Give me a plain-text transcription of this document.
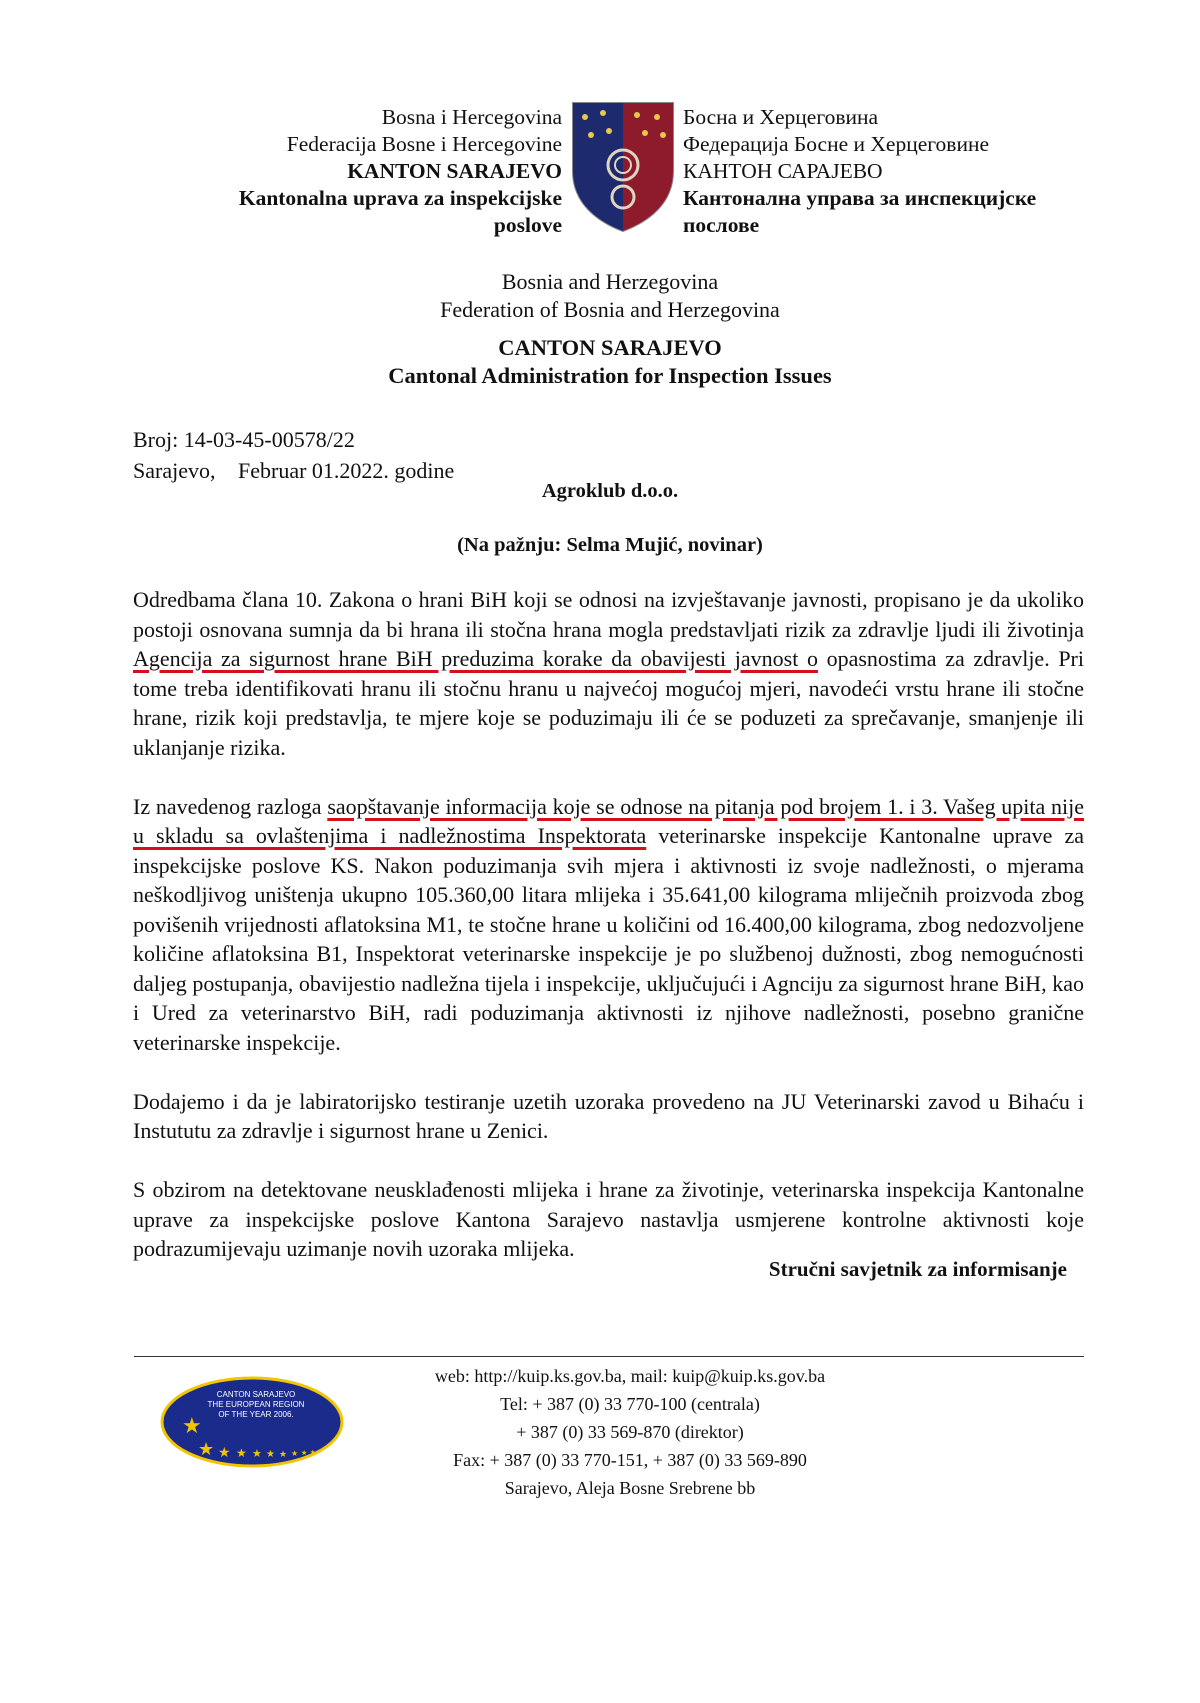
Bosna i Hercegovina
Federacija Bosne i Hercegovine
KANTON SARAJEVO
Kantonalna uprava za inspekcijske
poslove
Босна и Херцеговина
Федерација Босне и Херцеговине
КАНТОН САРАЈЕВО
Кантонална управа за инспекцијске
послове
Bosnia and Herzegovina
Federation of Bosnia and Herzegovina
CANTON SARAJEVO
Cantonal Administration for Inspection Issues
Broj: 14-03-45-00578/22
Sarajevo, Februar 01.2022. godine
Agroklub d.o.o.
(Na pažnju: Selma Mujić, novinar)

Odredbama člana 10. Zakona o hrani BiH koji se odnosi na izvještavanje javnosti, propisano je da ukoliko postoji osnovana sumnja da bi hrana ili stočna hrana mogla predstavljati rizik za zdravlje ljudi ili životinja Agencija za sigurnost hrane BiH preduzima korake da obavijesti javnost o opasnostima za zdravlje. Pri tome treba identifikovati hranu ili stočnu hranu u najvećoj mogućoj mjeri, navodeći vrstu hrane ili stočne hrane, rizik koji predstavlja, te mjere koje se poduzimaju ili će se poduzeti za sprečavanje, smanjenje ili uklanjanje rizika.

Iz navedenog razloga saopštavanje informacija koje se odnose na pitanja pod brojem 1. i 3. Vašeg upita nije u skladu sa ovlaštenjima i nadležnostima Inspektorata veterinarske inspekcije Kantonalne uprave za inspekcijske poslove KS. Nakon poduzimanja svih mjera i aktivnosti iz svoje nadležnosti, o mjerama neškodljivog uništenja ukupno 105.360,00 litara mlijeka i 35.641,00 kilograma mliječnih proizvoda zbog povišenih vrijednosti aflatoksina M1, te stočne hrane u količini od 16.400,00 kilograma, zbog nedozvoljene količine aflatoksina B1, Inspektorat veterinarske inspekcije je po službenoj dužnosti, zbog nemogućnosti daljeg postupanja, obavijestio nadležna tijela i inspekcije, uključujući i Agnciju za sigurnost hrane BiH, kao i Ured za veterinarstvo BiH, radi poduzimanja aktivnosti iz njihove nadležnosti, posebno granične veterinarske inspekcije.

Dodajemo i da je labiratorijsko testiranje uzetih uzoraka provedeno na JU Veterinarski zavod u Bihaću i Instututu za zdravlje i sigurnost hrane u Zenici.

S obzirom na detektovane neusklađenosti mlijeka i hrane za životinje, veterinarska inspekcija Kantonalne uprave za inspekcijske poslove Kantona Sarajevo nastavlja usmjerene kontrolne aktivnosti koje podrazumijevaju uzimanje novih uzoraka mlijeka.

Stručni savjetnik za informisanje
CANTON SARAJEVO
THE EUROPEAN REGION
OF THE YEAR 2006.
★
★ ★ ★ ★ ★ ★ ★ ★ ★
web: http://kuip.ks.gov.ba, mail: kuip@kuip.ks.gov.ba
Tel: + 387 (0) 33 770-100 (centrala)
+ 387 (0) 33 569-870 (direktor)
Fax: + 387 (0) 33 770-151, + 387 (0) 33 569-890
Sarajevo, Aleja Bosne Srebrene bb
